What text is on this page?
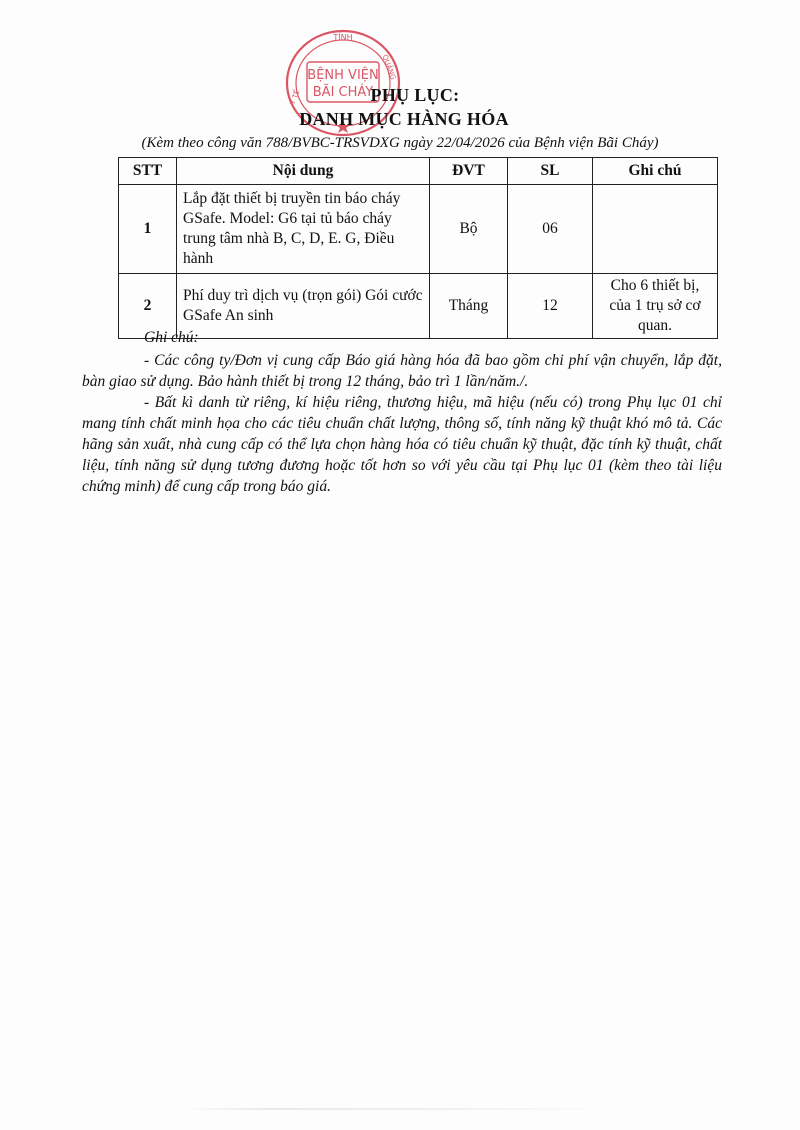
TỈNH
QUẢNG
Y TẾ
BỆNH VIỆN
BÃI CHÁY
PHỤ LỤC:
DANH MỤC HÀNG HÓA
(Kèm theo công văn 788/BVBC-TRSVDXG ngày 22/04/2026 của Bệnh viện Bãi Cháy)
STT	Nội dung	ĐVT	SL	Ghi chú
1	Lắp đặt thiết bị truyền tin báo cháy GSafe. Model: G6 tại tủ báo cháy trung tâm nhà B, C, D, E. G, Điều hành	Bộ	06	
2	Phí duy trì dịch vụ (trọn gói) Gói cước GSafe An sinh	Tháng	12	Cho 6 thiết bị, của 1 trụ sở cơ quan.
Ghi chú:

- Các công ty/Đơn vị cung cấp Báo giá hàng hóa đã bao gồm chi phí vận chuyển, lắp đặt, bàn giao sử dụng. Bảo hành thiết bị trong 12 tháng, bảo trì 1 lần/năm./.

- Bất kì danh từ riêng, kí hiệu riêng, thương hiệu, mã hiệu (nếu có) trong Phụ lục 01 chỉ mang tính chất minh họa cho các tiêu chuẩn chất lượng, thông số, tính năng kỹ thuật khó mô tả. Các hãng sản xuất, nhà cung cấp có thể lựa chọn hàng hóa có tiêu chuẩn kỹ thuật, đặc tính kỹ thuật, chất liệu, tính năng sử dụng tương đương hoặc tốt hơn so với yêu cầu tại Phụ lục 01 (kèm theo tài liệu chứng minh) để cung cấp trong báo giá.
